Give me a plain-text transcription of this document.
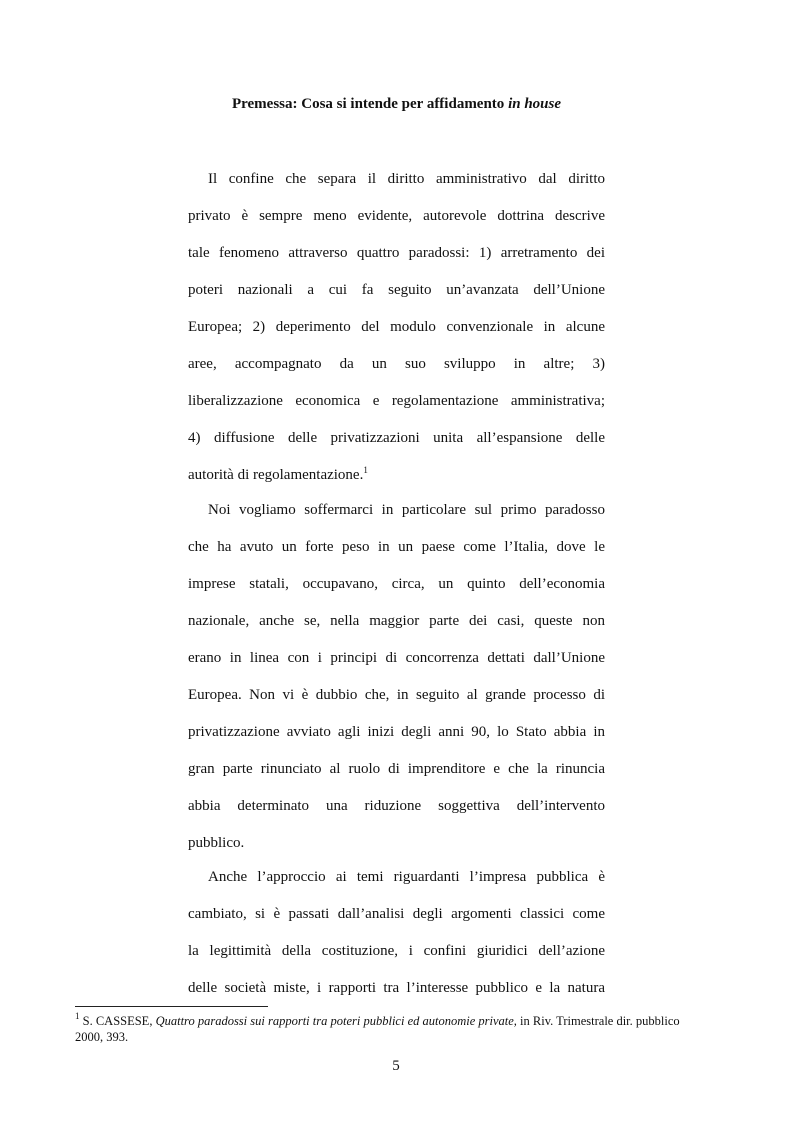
Premessa: Cosa si intende per affidamento in house
Il confine che separa il diritto amministrativo dal diritto
privato è sempre meno evidente, autorevole dottrina descrive
tale fenomeno attraverso quattro paradossi: 1) arretramento dei
poteri nazionali a cui fa seguito un’avanzata dell’Unione
Europea; 2) deperimento del modulo convenzionale in alcune
aree, accompagnato da un suo sviluppo in altre; 3)
liberalizzazione economica e regolamentazione amministrativa;
4) diffusione delle privatizzazioni unita all’espansione delle
autorità di regolamentazione.$^1$
Noi vogliamo soffermarci in particolare sul primo paradosso
che ha avuto un forte peso in un paese come l’Italia, dove le
imprese statali, occupavano, circa, un quinto dell’economia
nazionale, anche se, nella maggior parte dei casi, queste non
erano in linea con i principi di concorrenza dettati dall’Unione
Europea. Non vi è dubbio che, in seguito al grande processo di
privatizzazione avviato agli inizi degli anni 90, lo Stato abbia in
gran parte rinunciato al ruolo di imprenditore e che la rinuncia
abbia determinato una riduzione soggettiva dell’intervento
pubblico.
Anche l’approccio ai temi riguardanti l’impresa pubblica è
cambiato, si è passati dall’analisi degli argomenti classici come
la legittimità della costituzione, i confini giuridici dell’azione
delle società miste, i rapporti tra l’interesse pubblico e la natura

$^1$ S. CASSESE, Quattro paradossi sui rapporti tra poteri pubblici ed autonomie private, in Riv. Trimestrale dir. pubblico 2000, 393.

5
